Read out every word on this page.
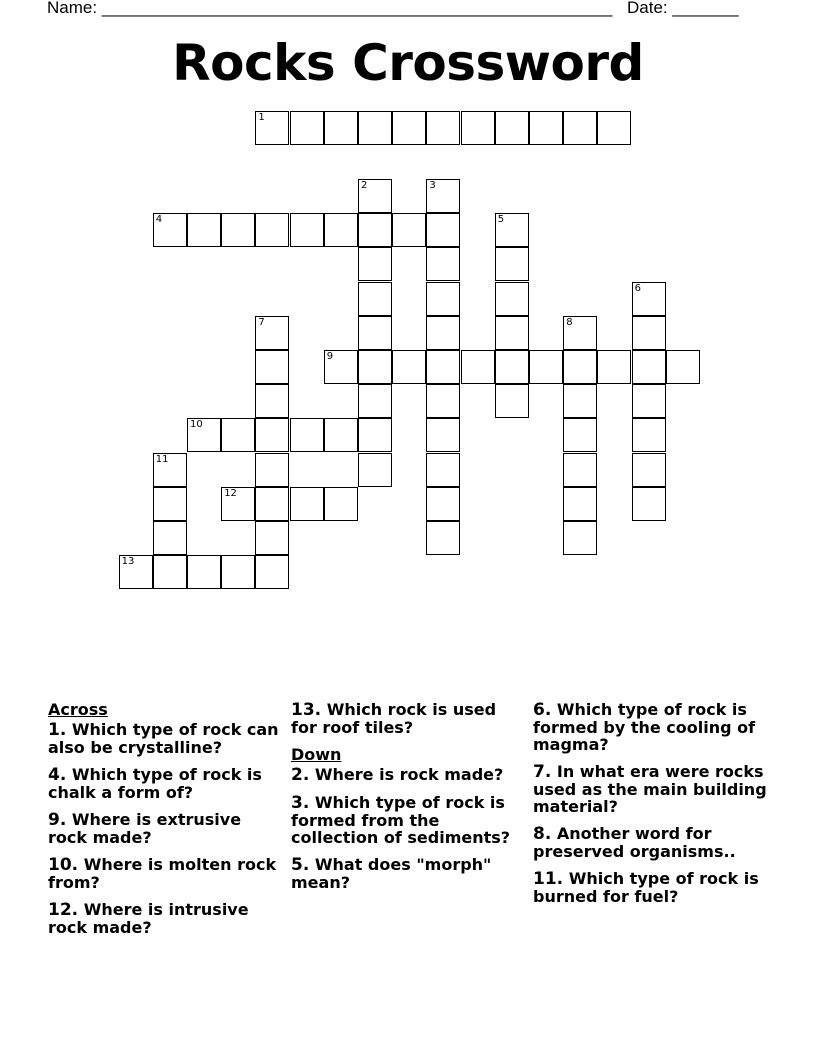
Name: ______________________________________________________ Date: _______
Rocks Crossword
1
2	3
4	5
6
7	8
9
10
11
12
13
Across
1. Which type of rock can also be crystalline?
4. Which type of rock is chalk a form of?
9. Where is extrusive rock made?
10. Where is molten rock from?
12. Where is intrusive rock made?
13. Which rock is used for roof tiles?
Down
2. Where is rock made?
3. Which type of rock is formed from the collection of sediments?
5. What does "morph" mean?
6. Which type of rock is formed by the cooling of magma?
7. In what era were rocks used as the main building material?
8. Another word for preserved organisms..
11. Which type of rock is burned for fuel?
